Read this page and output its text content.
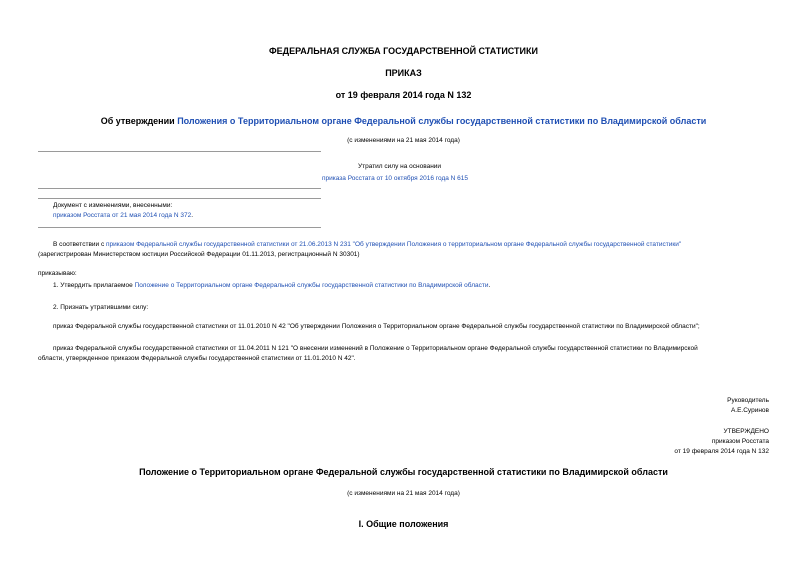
ФЕДЕРАЛЬНАЯ СЛУЖБА ГОСУДАРСТВЕННОЙ СТАТИСТИКИ
ПРИКАЗ
от 19 февраля 2014 года N 132
Об утверждении Положения о Территориальном органе Федеральной службы государственной статистики по Владимирской области
(с изменениями на 21 мая 2014 года)
Утратил силу на основании
приказа Росстата от 10 октября 2016 года N 615
Документ с изменениями, внесенными:
приказом Росстата от 21 мая 2014 года N 372.
В соответствии с приказом Федеральной службы государственной статистики от 21.06.2013 N 231 "Об утверждении Положения о территориальном органе Федеральной службы государственной статистики"
(зарегистрирован Министерством юстиции Российской Федерации 01.11.2013, регистрационный N 30301)
приказываю:
1. Утвердить прилагаемое Положение о Территориальном органе Федеральной службы государственной статистики по Владимирской области.
2. Признать утратившими силу:
приказ Федеральной службы государственной статистики от 11.01.2010 N 42 "Об утверждении Положения о Территориальном органе Федеральной службы государственной статистики по Владимирской области";
приказ Федеральной службы государственной статистики от 11.04.2011 N 121 "О внесении изменений в Положение о Территориальном органе Федеральной службы государственной статистики по Владимирской
области, утвержденное приказом Федеральной службы государственной статистики от 11.01.2010 N 42".
Руководитель
А.Е.Суринов
УТВЕРЖДЕНО
приказом Росстата
от 19 февраля 2014 года N 132
Положение о Территориальном органе Федеральной службы государственной статистики по Владимирской области
(с изменениями на 21 мая 2014 года)
I. Общие положения
